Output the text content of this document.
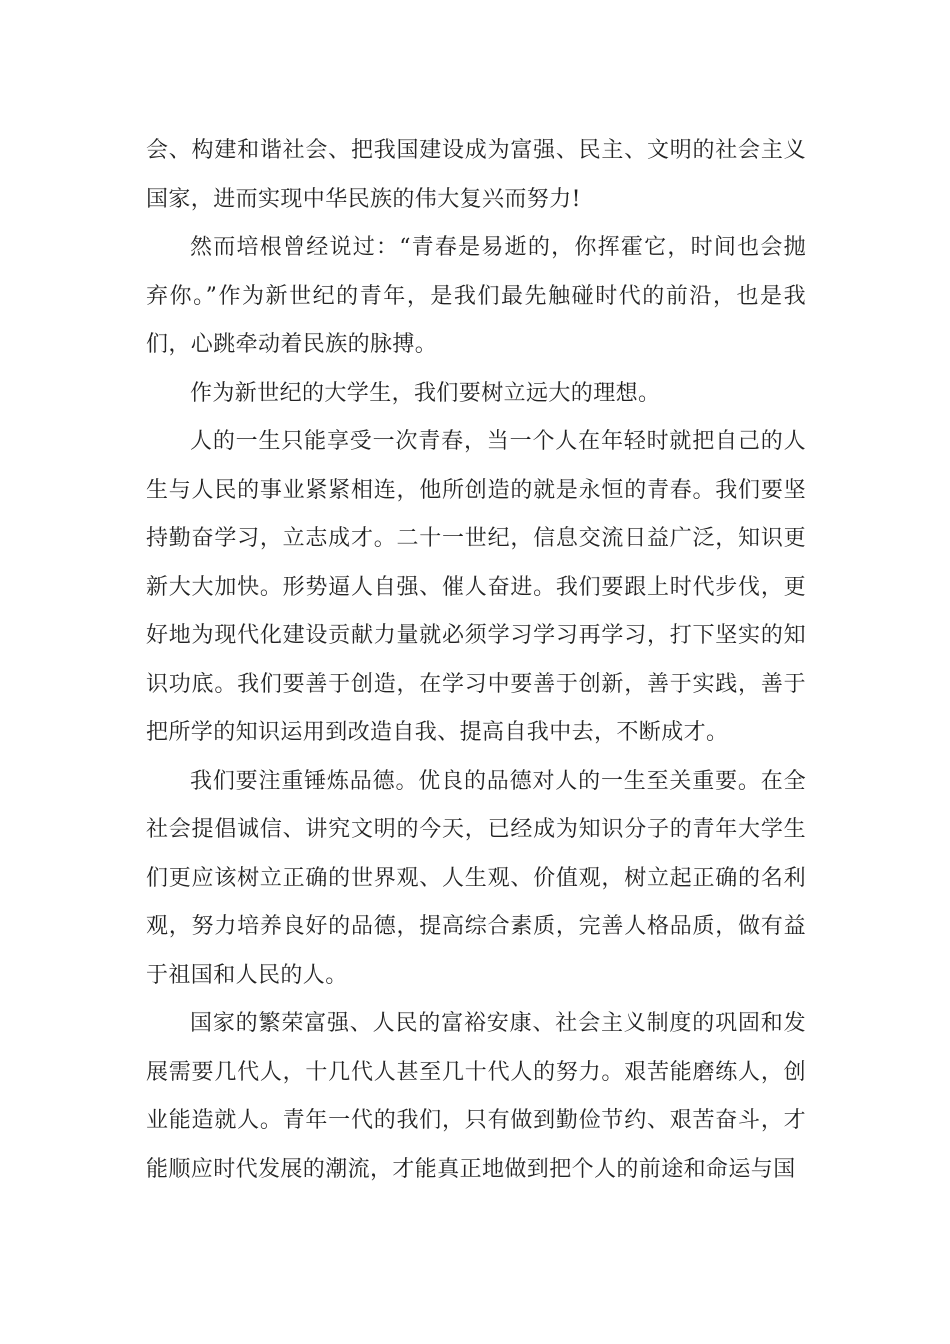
会、构建和谐社会、把我国建设成为富强、民主、文明的社会主义国家，进而实现中华民族的伟大复兴而努力!

然而培根曾经说过：“青春是易逝的，你挥霍它，时间也会抛弃你。”作为新世纪的青年，是我们最先触碰时代的前沿，也是我们，心跳牵动着民族的脉搏。

作为新世纪的大学生，我们要树立远大的理想。

人的一生只能享受一次青春，当一个人在年轻时就把自己的人生与人民的事业紧紧相连，他所创造的就是永恒的青春。我们要坚持勤奋学习，立志成才。二十一世纪，信息交流日益广泛，知识更新大大加快。形势逼人自强、催人奋进。我们要跟上时代步伐，更好地为现代化建设贡献力量就必须学习学习再学习，打下坚实的知识功底。我们要善于创造，在学习中要善于创新，善于实践，善于把所学的知识运用到改造自我、提高自我中去，不断成才。

我们要注重锤炼品德。优良的品德对人的一生至关重要。在全社会提倡诚信、讲究文明的今天，已经成为知识分子的青年大学生们更应该树立正确的世界观、人生观、价值观，树立起正确的名利观，努力培养良好的品德，提高综合素质，完善人格品质，做有益于祖国和人民的人。

国家的繁荣富强、人民的富裕安康、社会主义制度的巩固和发展需要几代人，十几代人甚至几十代人的努力。艰苦能磨练人，创业能造就人。青年一代的我们，只有做到勤俭节约、艰苦奋斗，才能顺应时代发展的潮流，才能真正地做到把个人的前途和命运与国
